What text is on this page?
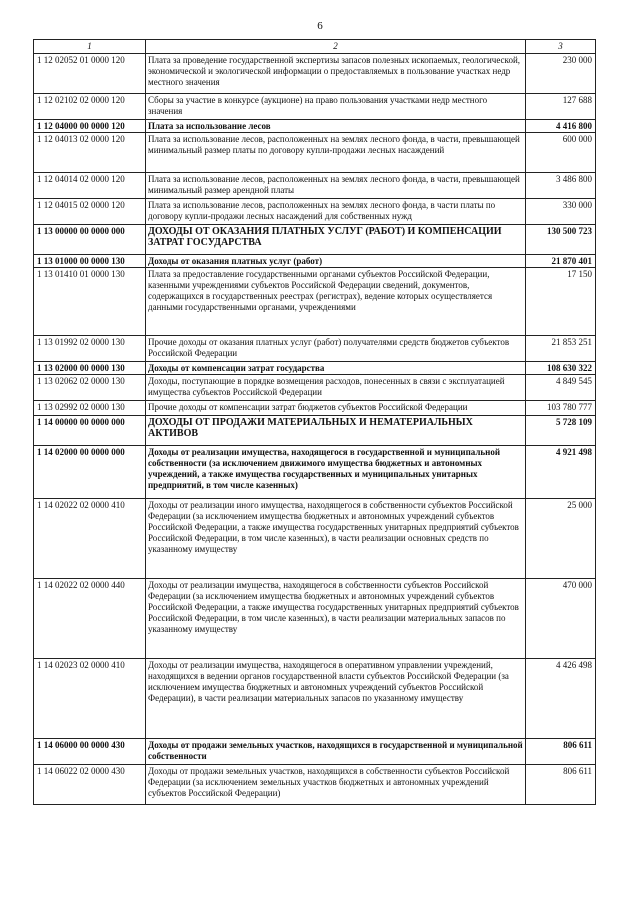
6
1	2	3
1 12 02052 01 0000 120	Плата за проведение государственной экспертизы запасов полезных ископаемых, геологической, экономической и экологической информации о предоставляемых в пользование участках недр местного значения	230 000
1 12 02102 02 0000 120	Сборы за участие в конкурсе (аукционе) на право пользования участками недр местного значения	127 688
1 12 04000 00 0000 120	Плата за использование лесов	4 416 800
1 12 04013 02 0000 120	Плата за использование лесов, расположенных на землях лесного фонда, в части, превышающей минимальный размер платы по договору купли-продажи лесных насаждений	600 000
1 12 04014 02 0000 120	Плата за использование лесов, расположенных на землях лесного фонда, в части, превышающей минимальный размер арендной платы	3 486 800
1 12 04015 02 0000 120	Плата за использование лесов, расположенных на землях лесного фонда, в части платы по договору купли-продажи лесных насаждений для собственных нужд	330 000
1 13 00000 00 0000 000	ДОХОДЫ ОТ ОКАЗАНИЯ ПЛАТНЫХ УСЛУГ (РАБОТ) И КОМПЕНСАЦИИ ЗАТРАТ ГОСУДАРСТВА	130 500 723
1 13 01000 00 0000 130	Доходы от оказания платных услуг (работ)	21 870 401
1 13 01410 01 0000 130	Плата за предоставление государственными органами субъектов Российской Федерации, казенными учреждениями субъектов Российской Федерации сведений, документов, содержащихся в государственных реестрах (регистрах), ведение которых осуществляется данными государственными органами, учреждениями	17 150
1 13 01992 02 0000 130	Прочие доходы от оказания платных услуг (работ) получателями средств бюджетов субъектов Российской Федерации	21 853 251
1 13 02000 00 0000 130	Доходы от компенсации затрат государства	108 630 322
1 13 02062 02 0000 130	Доходы, поступающие в порядке возмещения расходов, понесенных в связи с эксплуатацией имущества субъектов Российской Федерации	4 849 545
1 13 02992 02 0000 130	Прочие доходы от компенсации затрат бюджетов субъектов Российской Федерации	103 780 777
1 14 00000 00 0000 000	ДОХОДЫ ОТ ПРОДАЖИ МАТЕРИАЛЬНЫХ И НЕМАТЕРИАЛЬНЫХ АКТИВОВ	5 728 109
1 14 02000 00 0000 000	Доходы от реализации имущества, находящегося в государственной и муниципальной собственности (за исключением движимого имущества бюджетных и автономных учреждений, а также имущества государственных и муниципальных унитарных предприятий, в том числе казенных)	4 921 498
1 14 02022 02 0000 410	Доходы от реализации иного имущества, находящегося в собственности субъектов Российской Федерации (за исключением имущества бюджетных и автономных учреждений субъектов Российской Федерации, а также имущества государственных унитарных предприятий субъектов Российской Федерации, в том числе казенных), в части реализации основных средств по указанному имуществу	25 000
1 14 02022 02 0000 440	Доходы от реализации имущества, находящегося в собственности субъектов Российской Федерации (за исключением имущества бюджетных и автономных учреждений субъектов Российской Федерации, а также имущества государственных унитарных предприятий субъектов Российской Федерации, в том числе казенных), в части реализации материальных запасов по указанному имуществу	470 000
1 14 02023 02 0000 410	Доходы от реализации имущества, находящегося в оперативном управлении учреждений, находящихся в ведении органов государственной власти субъектов Российской Федерации (за исключением имущества бюджетных и автономных учреждений субъектов Российской Федерации), в части реализации материальных запасов по указанному имуществу	4 426 498
1 14 06000 00 0000 430	Доходы от продажи земельных участков, находящихся в государственной и муниципальной собственности	806 611
1 14 06022 02 0000 430	Доходы от продажи земельных участков, находящихся в собственности субъектов Российской Федерации (за исключением земельных участков бюджетных и автономных учреждений субъектов Российской Федерации)	806 611
